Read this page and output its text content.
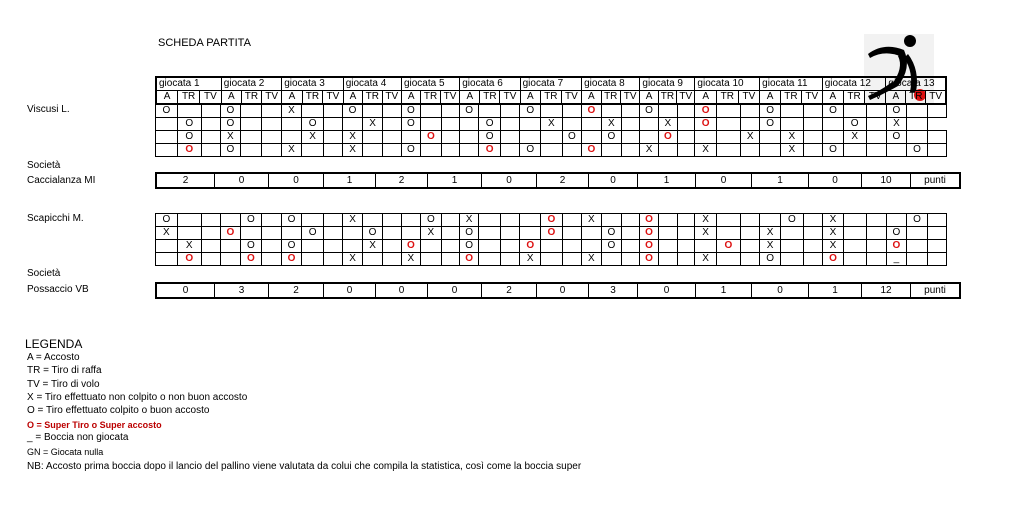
SCHEDA PARTITA
giocata 1			giocata 2			giocata 3			giocata 4			giocata 5			giocata 6			giocata 7			giocata 8			giocata 9			giocata 10			giocata 11			giocata 12			giocata 13		
A	TR	TV	A	TR	TV	A	TR	TV	A	TR	TV	A	TR	TV	A	TR	TV	A	TR	TV	A	TR	TV	A	TR	TV	A	TR	TV	A	TR	TV	A	TR	TV	A	TR	TV
Viscusi L.	O			O			X			O			O			O			O			O			O			O			O			O			O		
	O		O				O			X		O				O			X			X			X		O			O				O		X		
	O		X				X		X				O			O				O		O			O				X		X			X		O		
	O		O			X			X			O				O		O			O			X			X				X		O				O	
Società
Caccialanza MI	2	0	0	1	2	1	0	2	0	1	0	1	0	10	punti
Scapicchi M.	O				O		O			X				O		X				O		X			O			X				O		X				O	
X			O				O			O			X		O				O			O		O			X			X			X			O		
	X			O		O				X		O			O			O				O		O				O		X			X			O		
	O			O		O			X			X			O			X			X			O			X			O			O			_		
Società
Possaccio VB	0	3	2	0	0	0	2	0	3	0	1	0	1	12	punti
LEGENDA
A = Accosto
TR = Tiro di raffa
TV = Tiro di volo
X = Tiro effettuato non colpito o non buon accosto
O = Tiro effettuato colpito o buon accosto
O = Super Tiro o Super accosto
_ = Boccia non giocata
GN = Giocata nulla
NB: Accosto prima boccia dopo il lancio del pallino viene valutata da colui che compila la statistica, così come la boccia super
